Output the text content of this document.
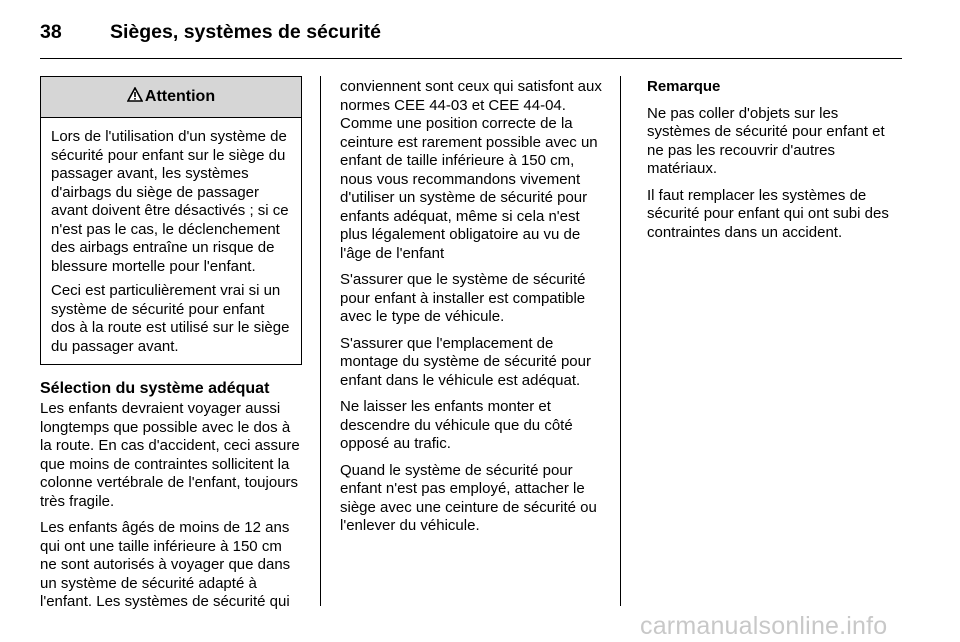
38 Sièges, systèmes de sécurité
Attention

Lors de l'utilisation d'un système de sécurité pour enfant sur le siège du passager avant, les systèmes d'airbags du siège de passager avant doivent être désactivés ; si ce n'est pas le cas, le déclenchement des airbags entraîne un risque de blessure mortelle pour l'enfant.

Ceci est particulièrement vrai si un système de sécurité pour enfant dos à la route est utilisé sur le siège du passager avant.

Sélection du système adéquat

Les enfants devraient voyager aussi longtemps que possible avec le dos à la route. En cas d'accident, ceci assure que moins de contraintes sollicitent la colonne vertébrale de l'enfant, toujours très fragile.

Les enfants âgés de moins de 12 ans qui ont une taille inférieure à 150 cm ne sont autorisés à voyager que dans un système de sécurité adapté à l'enfant. Les systèmes de sécurité qui

conviennent sont ceux qui satisfont aux normes CEE 44-03 et CEE 44-04. Comme une position correcte de la ceinture est rarement possible avec un enfant de taille inférieure à 150 cm, nous vous recommandons vivement d'utiliser un système de sécurité pour enfants adéquat, même si cela n'est plus légalement obligatoire au vu de l'âge de l'enfant

S'assurer que le système de sécurité pour enfant à installer est compatible avec le type de véhicule.

S'assurer que l'emplacement de montage du système de sécurité pour enfant dans le véhicule est adéquat.

Ne laisser les enfants monter et descendre du véhicule que du côté opposé au trafic.

Quand le système de sécurité pour enfant n'est pas employé, attacher le siège avec une ceinture de sécurité ou l'enlever du véhicule.

Remarque

Ne pas coller d'objets sur les systèmes de sécurité pour enfant et ne pas les recouvrir d'autres matériaux.

Il faut remplacer les systèmes de sécurité pour enfant qui ont subi des contraintes dans un accident.

carmanualsonline.info
